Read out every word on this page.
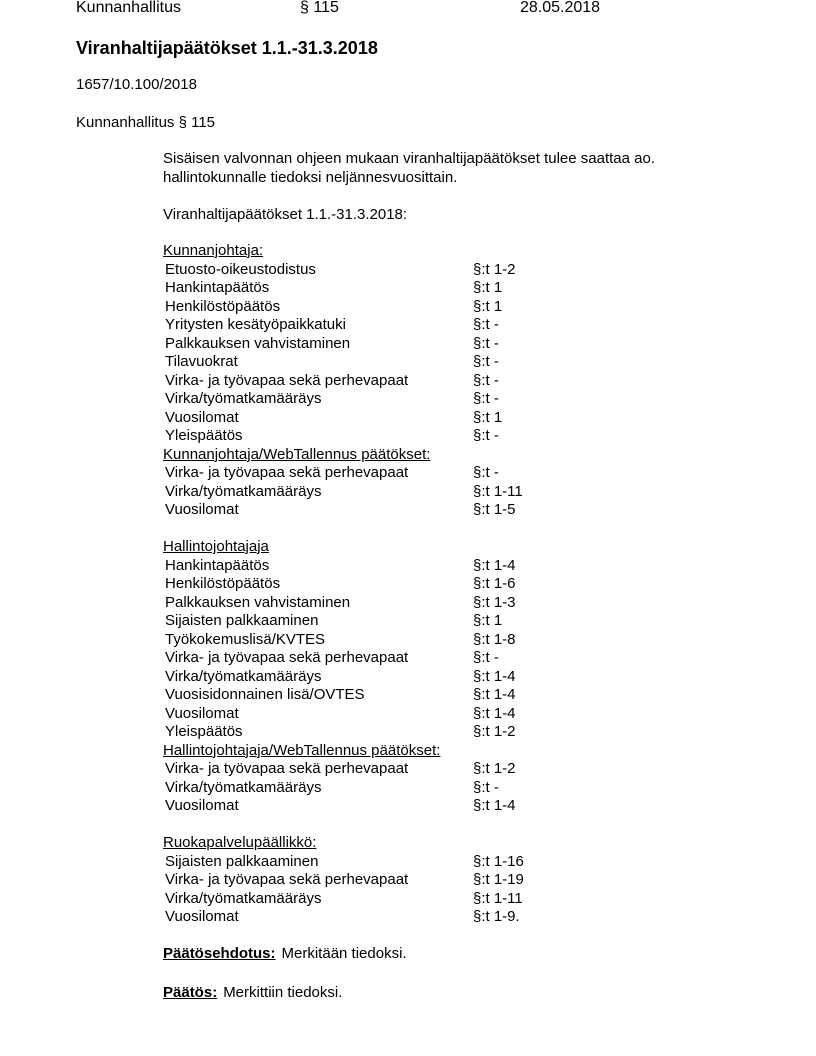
Kunnanhallitus	§ 115	28.05.2018
Viranhaltijapäätökset 1.1.-31.3.2018
1657/10.100/2018
Kunnanhallitus § 115
Sisäisen valvonnan ohjeen mukaan viranhaltijapäätökset tulee saattaa ao.
hallintokunnalle tiedoksi neljännesvuosittain.
Viranhaltijapäätökset 1.1.-31.3.2018:
Kunnanjohtaja:
Etuosto-oikeustodistus	§:t 1-2
Hankintapäätös	§:t 1
Henkilöstöpäätös	§:t 1
Yritysten kesätyöpaikkatuki	§:t -
Palkkauksen vahvistaminen	§:t -
Tilavuokrat	§:t -
Virka- ja työvapaa sekä perhevapaat	§:t -
Virka/työmatkamääräys	§:t -
Vuosilomat	§:t 1
Yleispäätös	§:t -
Kunnanjohtaja/WebTallennus päätökset:
Virka- ja työvapaa sekä perhevapaat	§:t -
Virka/työmatkamääräys	§:t 1-11
Vuosilomat	§:t 1-5
Hallintojohtajaja
Hankintapäätös	§:t 1-4
Henkilöstöpäätös	§:t 1-6
Palkkauksen vahvistaminen	§:t 1-3
Sijaisten palkkaaminen	§:t 1
Työkokemuslisä/KVTES	§:t 1-8
Virka- ja työvapaa sekä perhevapaat	§:t -
Virka/työmatkamääräys	§:t 1-4
Vuosisidonnainen lisä/OVTES	§:t 1-4
Vuosilomat	§:t 1-4
Yleispäätös	§:t 1-2
Hallintojohtajaja/WebTallennus päätökset:
Virka- ja työvapaa sekä perhevapaat	§:t 1-2
Virka/työmatkamääräys	§:t -
Vuosilomat	§:t 1-4
Ruokapalvelupäällikkö:
Sijaisten palkkaaminen	§:t 1-16
Virka- ja työvapaa sekä perhevapaat	§:t 1-19
Virka/työmatkamääräys	§:t 1-11
Vuosilomat	§:t 1-9.
Päätösehdotus: Merkitään tiedoksi.
Päätös: Merkittiin tiedoksi.
